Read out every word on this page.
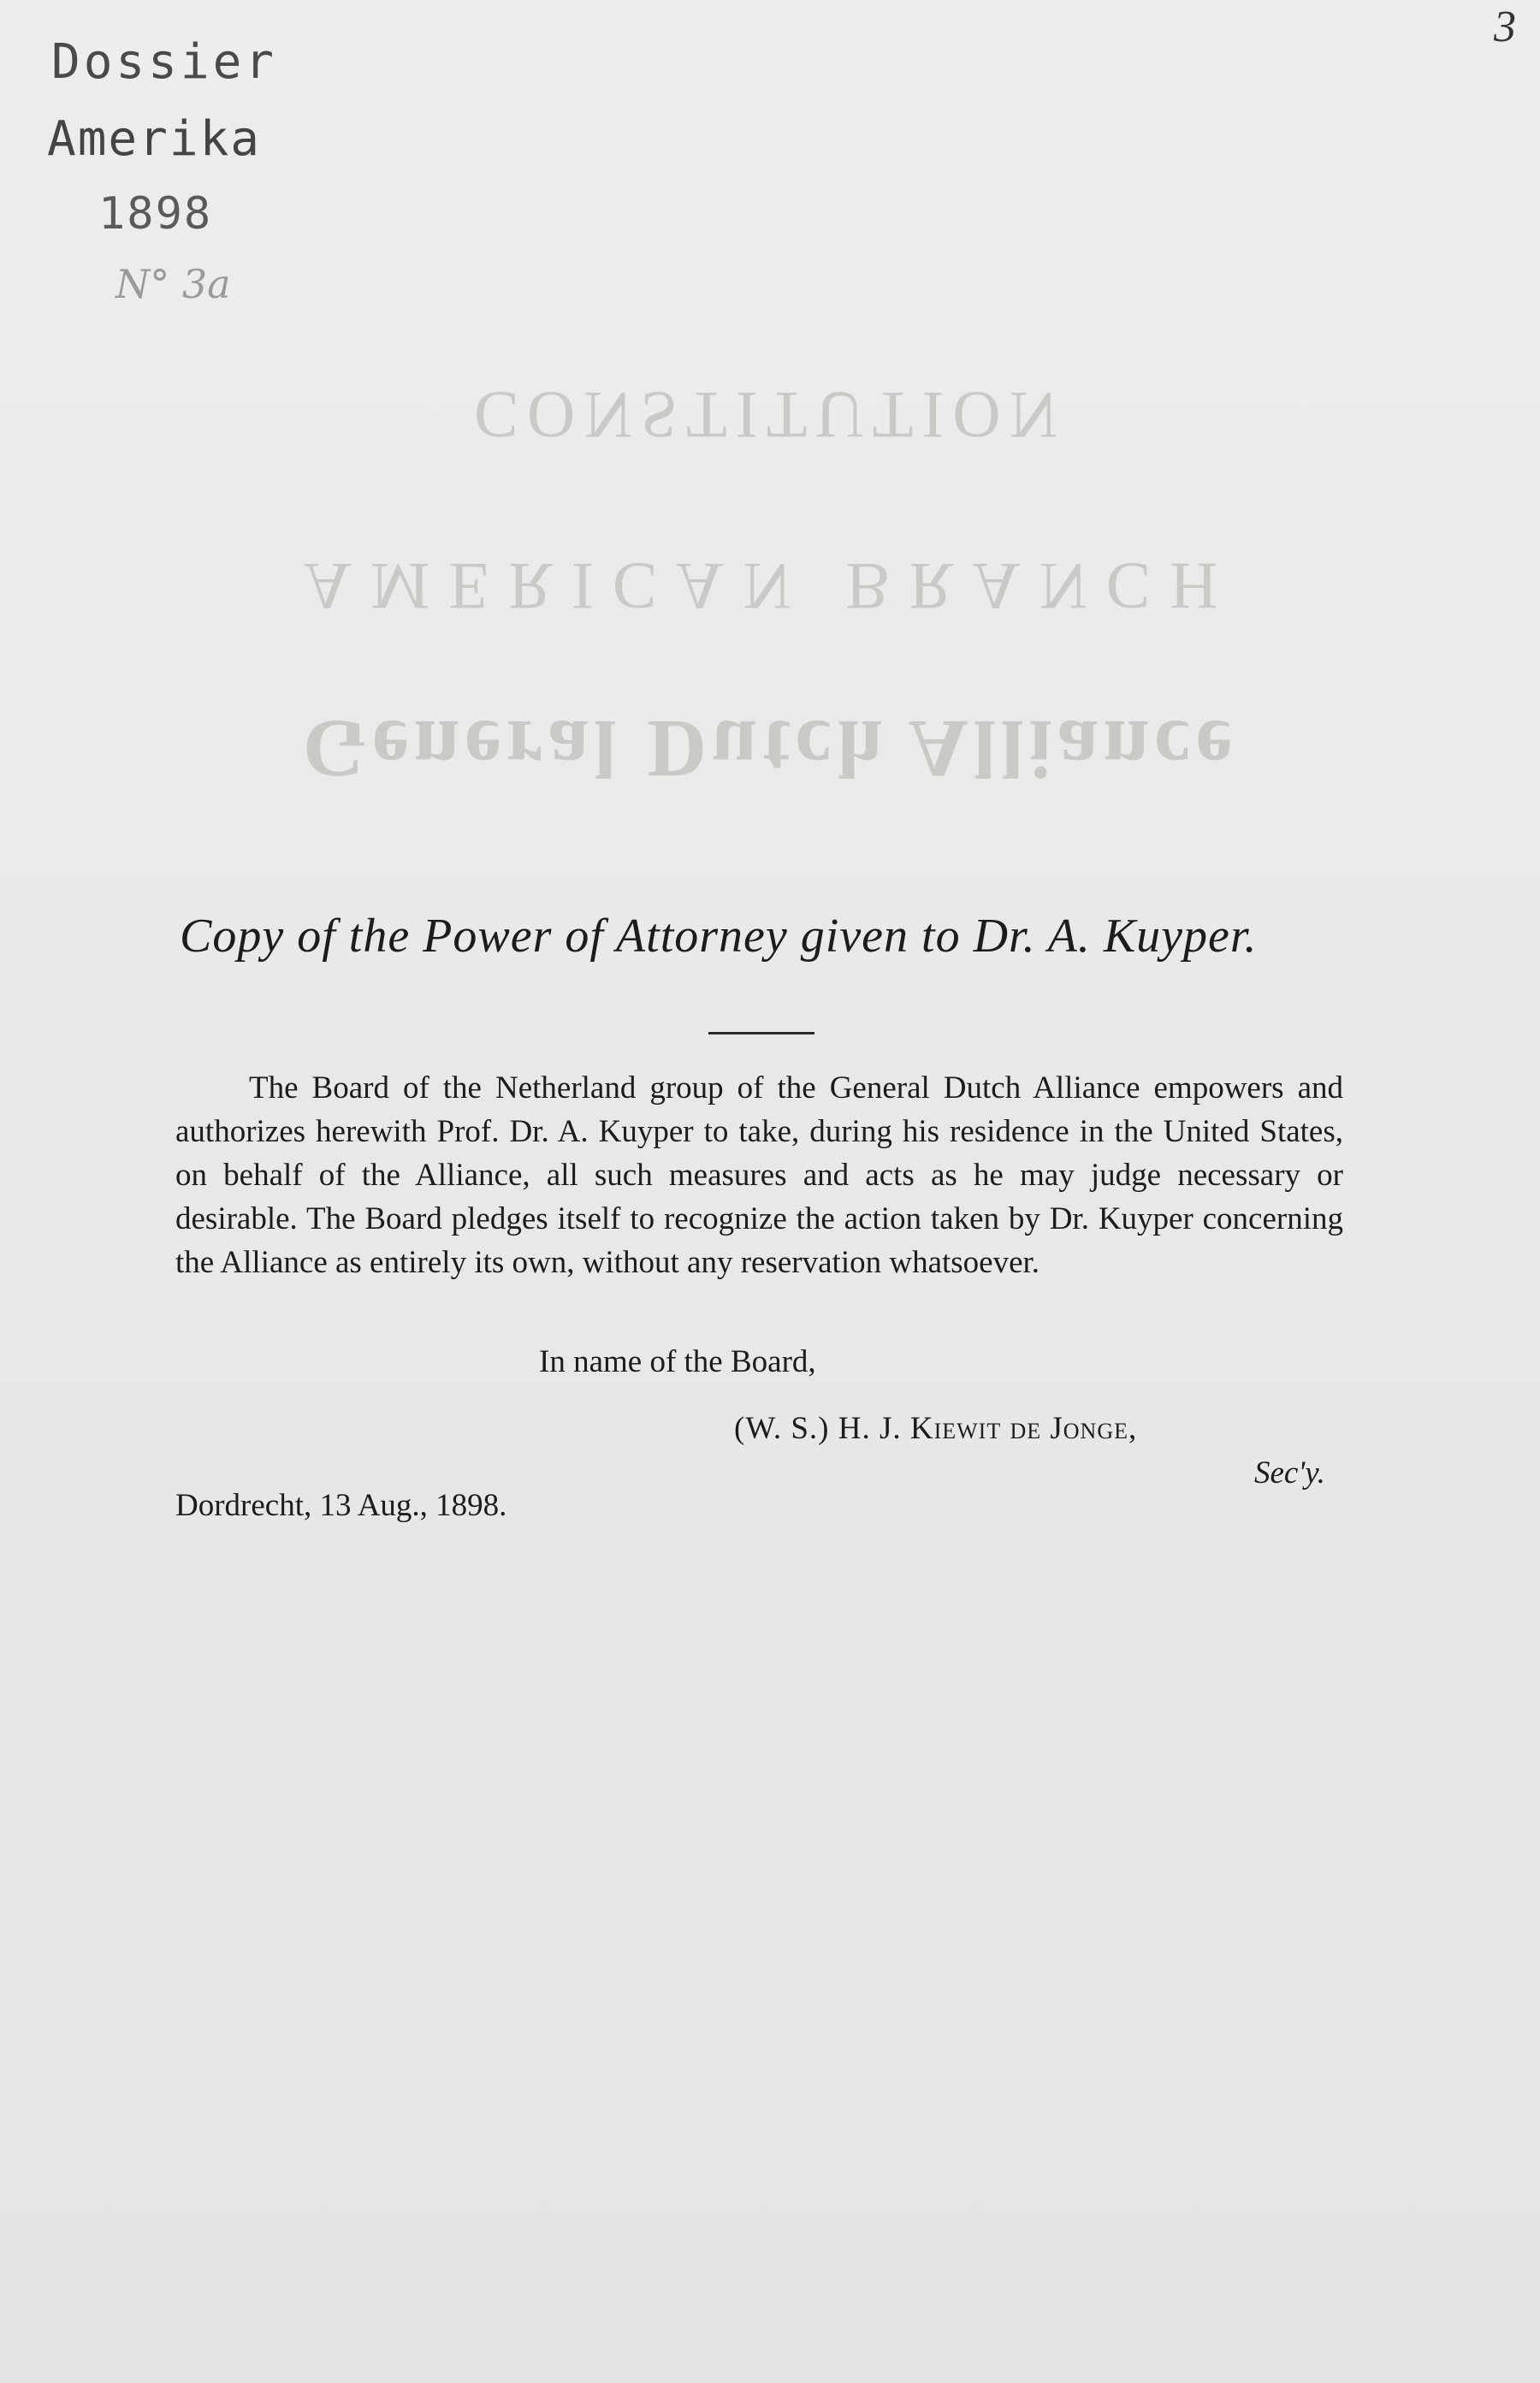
Dossier
Amerika
1898
N° 3a
3
CONSTITUTION
AMERICAN BRANCH
General Dutch Alliance
Copy of the Power of Attorney given to Dr. A. Kuyper.
The Board of the Netherland group of the General Dutch Alliance empowers and authorizes herewith Prof. Dr. A. Kuyper to take, during his residence in the United States, on behalf of the Alliance, all such measures and acts as he may judge necessary or desirable. The Board pledges itself to recognize the action taken by Dr. Kuyper concerning the Alliance as entirely its own, without any reservation whatsoever.
In name of the Board,
(W. S.) H. J. Kiewit de Jonge,
Sec'y.
Dordrecht, 13 Aug., 1898.
